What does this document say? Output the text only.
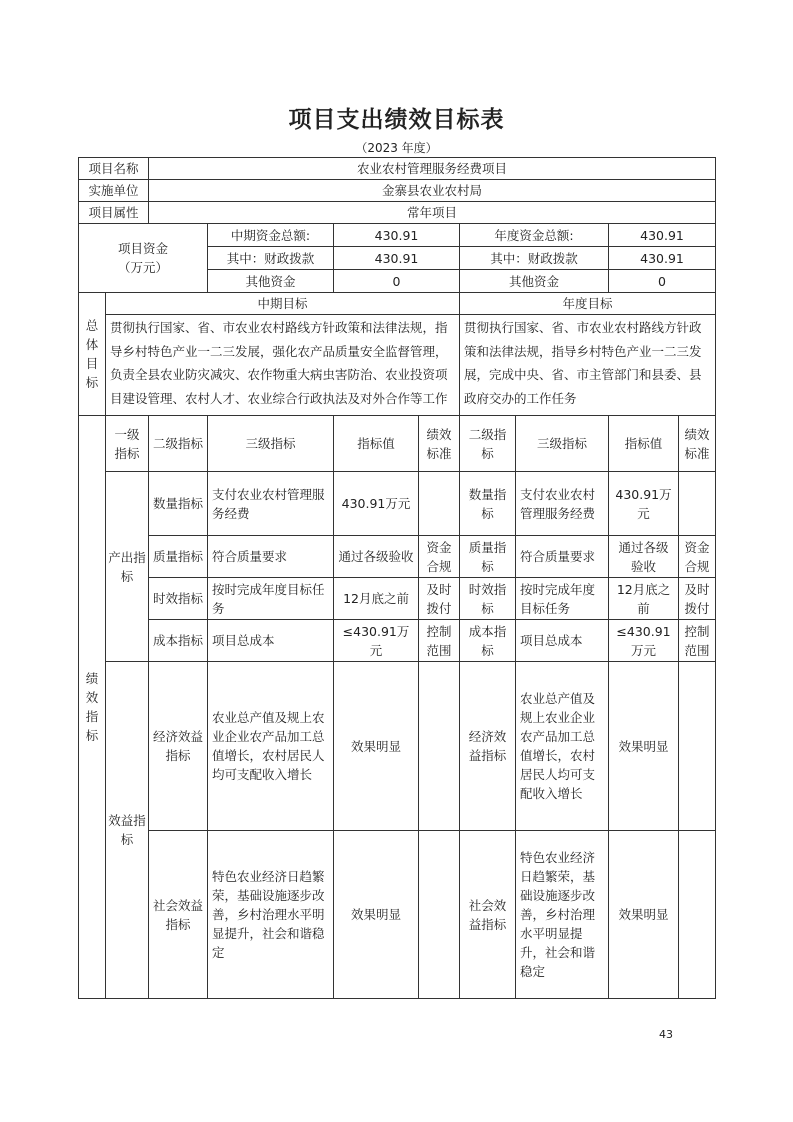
项目支出绩效目标表
（2023 年度）
项目名称		农业农村管理服务经费项目							
实施单位		金寨县农业农村局							
项目属性		常年项目							

项目资金
（万元）			中期资金总额:	430.91		年度资金总额:		430.91	
			其中：财政拨款	430.91		其中：财政拨款		430.91	
			其他资金	0		其他资金		0	
总体目标	中期目标					年度目标			
	贯彻执行国家、省、市农业农村路线方针政策和法律法规，指导乡村特色产业一二三发展，强化农产品质量安全监督管理，负责全县农业防灾减灾、农作物重大病虫害防治、农业投资项目建设管理、农村人才、农业综合行政执法及对外合作等工作					贯彻执行国家、省、市农业农村路线方针政策和法律法规，指导乡村特色产业一二三发展，完成中央、省、市主管部门和县委、县政府交办的工作任务			
绩效指标	一级指标	二级指标	三级指标	指标值	绩效标准	二级指标	三级指标	指标值	绩效标准
	产出指标	数量指标	支付农业农村管理服务经费	430.91万元		数量指标	支付农业农村管理服务经费	430.91万元	
		质量指标	符合质量要求	通过各级验收	资金合规	质量指标	符合质量要求	通过各级验收	资金合规
		时效指标	按时完成年度目标任务	12月底之前	及时拨付	时效指标	按时完成年度目标任务	12月底之前	及时拨付
		成本指标	项目总成本	≤430.91万元	控制范围	成本指标	项目总成本	≤430.91万元	控制范围
	效益指标	经济效益指标	农业总产值及规上农业企业农产品加工总值增长，农村居民人均可支配收入增长	效果明显		经济效益指标	农业总产值及规上农业企业农产品加工总值增长，农村居民人均可支配收入增长	效果明显	
		社会效益指标	特色农业经济日趋繁荣，基础设施逐步改善，乡村治理水平明显提升，社会和谐稳定	效果明显		社会效益指标	特色农业经济日趋繁荣，基础设施逐步改善，乡村治理水平明显提升，社会和谐稳定	效果明显	
43
